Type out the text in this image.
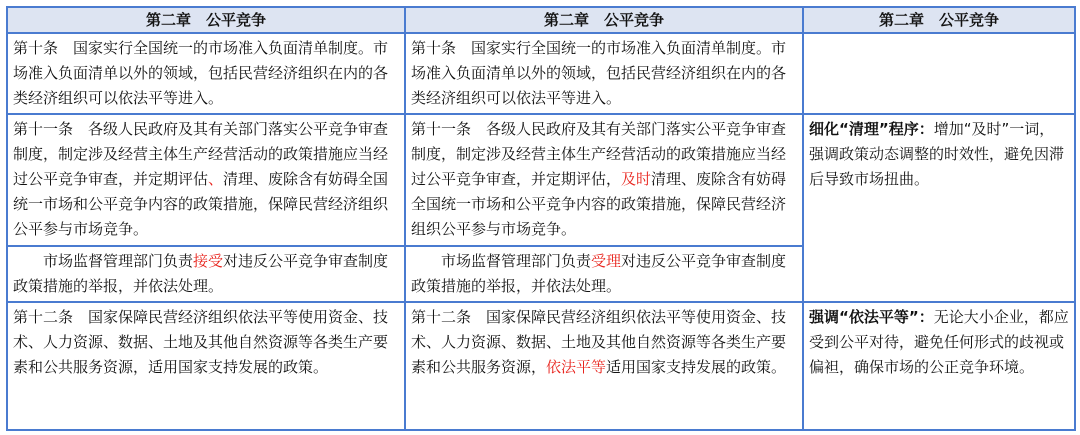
第二章　公平竞争	第二章　公平竞争	第二章　公平竞争
第十条　国家实行全国统一的市场准入负面清单制度。市场准入负面清单以外的领域，包括民营经济组织在内的各类经济组织可以依法平等进入。	第十条　国家实行全国统一的市场准入负面清单制度。市场准入负面清单以外的领域，包括民营经济组织在内的各类经济组织可以依法平等进入。	
第十一条　各级人民政府及其有关部门落实公平竞争审查制度，制定涉及经营主体生产经营活动的政策措施应当经过公平竞争审查，并定期评估、清理、废除含有妨碍全国统一市场和公平竞争内容的政策措施，保障民营经济组织公平参与市场竞争。	第十一条　各级人民政府及其有关部门落实公平竞争审查制度，制定涉及经营主体生产经营活动的政策措施应当经过公平竞争审查，并定期评估，及时清理、废除含有妨碍全国统一市场和公平竞争内容的政策措施，保障民营经济组织公平参与市场竞争。	细化“清理”程序：增加“及时”一词，强调政策动态调整的时效性，避免因滞后导致市场扭曲。
市场监督管理部门负责接受对违反公平竞争审查制度政策措施的举报，并依法处理。	市场监督管理部门负责受理对违反公平竞争审查制度政策措施的举报，并依法处理。	
第十二条　国家保障民营经济组织依法平等使用资金、技术、人力资源、数据、土地及其他自然资源等各类生产要素和公共服务资源，适用国家支持发展的政策。	第十二条　国家保障民营经济组织依法平等使用资金、技术、人力资源、数据、土地及其他自然资源等各类生产要素和公共服务资源，依法平等适用国家支持发展的政策。	强调“依法平等”：无论大小企业，都应受到公平对待，避免任何形式的歧视或偏袒，确保市场的公正竞争环境。
